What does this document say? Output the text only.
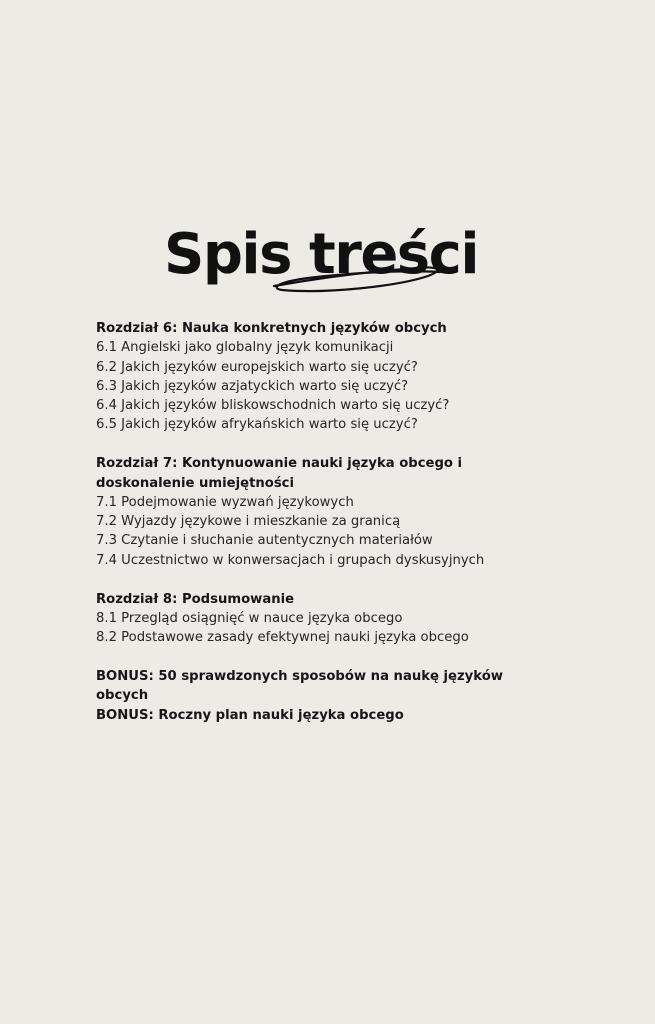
Spis treści
Rozdział 6: Nauka konkretnych języków obcych
6.1 Angielski jako globalny język komunikacji
6.2 Jakich języków europejskich warto się uczyć?
6.3 Jakich języków azjatyckich warto się uczyć?
6.4 Jakich języków bliskowschodnich warto się uczyć?
6.5 Jakich języków afrykańskich warto się uczyć?
Rozdział 7: Kontynuowanie nauki języka obcego i
doskonalenie umiejętności
7.1 Podejmowanie wyzwań językowych
7.2 Wyjazdy językowe i mieszkanie za granicą
7.3 Czytanie i słuchanie autentycznych materiałów
7.4 Uczestnictwo w konwersacjach i grupach dyskusyjnych
Rozdział 8: Podsumowanie
8.1 Przegląd osiągnięć w nauce języka obcego
8.2 Podstawowe zasady efektywnej nauki języka obcego
BONUS: 50 sprawdzonych sposobów na naukę języków
obcych
BONUS: Roczny plan nauki języka obcego
